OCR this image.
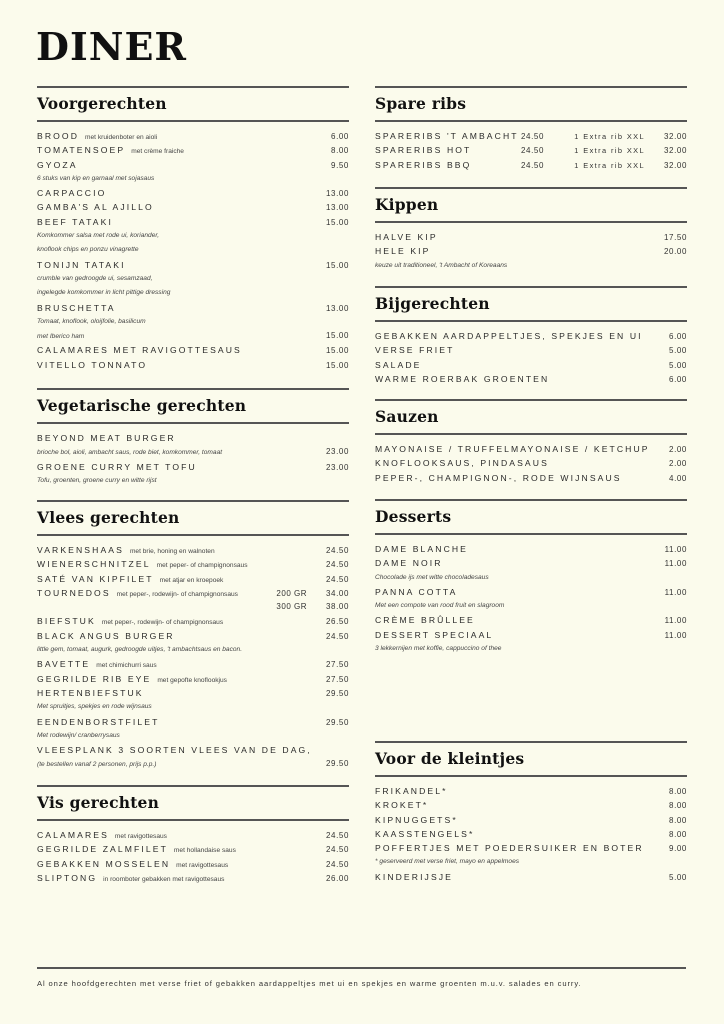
DINER
Voorgerechten
BROOD met kruidenboter en aioli	6.00
TOMATENSOEP met crème fraiche	8.00
GYOZA	9.50
6 stuks van kip en garnaal met sojasaus
CARPACCIO	13.00
GAMBA'S AL AJILLO	13.00
BEEF TATAKI	15.00
Komkommer salsa met rode ui, koriander,
knoflook chips en ponzu vinagrette
TONIJN TATAKI	15.00
crumble van gedroogde ui, sesamzaad,
ingelegde komkommer in licht pittige dressing
BRUSCHETTA	13.00
Tomaat, knoflook, oloijfolie, basilicum
met Iberico ham	15.00
CALAMARES MET RAVIGOTTESAUS	15.00
VITELLO TONNATO	15.00
Vegetarische gerechten
BEYOND MEAT BURGER
brioche bol, aioli, ambacht saus, rode biet, komkommer, tomaat	23.00
GROENE CURRY MET TOFU	23.00
Tofu, groenten, groene curry en witte rijst
Vlees gerechten
VARKENSHAAS met brie, honing en walnoten	24.50
WIENERSCHNITZEL met peper- of champignonsaus	24.50
SATÉ VAN KIPFILET met atjar en kroepoek	24.50
TOURNEDOS met peper-, rodewijn- of champignonsaus	200 GR	34.00
300 GR	38.00
BIEFSTUK met peper-, rodewijn- of champignonsaus	26.50
BLACK ANGUS BURGER	24.50
little gem, tomaat, augurk, gedroogde uitjes, 't ambachtsaus en bacon.
BAVETTE met chimichurri saus	27.50
GEGRILDE RIB EYE met gepofte knoflookjus	27.50
HERTENBIEFSTUK	29.50
Met spruitjes, spekjes en rode wijnsaus
EENDENBORSTFILET	29.50
Met rodewijn/ cranberrysaus
VLEESPLANK 3 SOORTEN VLEES VAN DE DAG,
(te bestellen vanaf 2 personen, prijs p.p.)	29.50
Vis gerechten
CALAMARES met ravigottesaus	24.50
GEGRILDE ZALMFILET met hollandaise saus	24.50
GEBAKKEN MOSSELEN met ravigottesaus	24.50
SLIPTONG in roomboter gebakken met ravigottesaus	26.00
Spare ribs
SPARERIBS 'T AMBACHT 24.50	1 Extra rib XXL	32.00
SPARERIBS HOT	24.50	1 Extra rib XXL	32.00
SPARERIBS BBQ	24.50	1 Extra rib XXL	32.00
Kippen
HALVE KIP	17.50
HELE KIP	20.00
keuze uit traditioneel, 't Ambacht of Koreaans
Bijgerechten
GEBAKKEN AARDAPPELTJES, SPEKJES EN UI	6.00
VERSE FRIET	5.00
SALADE	5.00
WARME ROERBAK GROENTEN	6.00
Sauzen
MAYONAISE / TRUFFELMAYONAISE / KETCHUP	2.00
KNOFLOOKSAUS, PINDASAUS	2.00
PEPER-, CHAMPIGNON-, RODE WIJNSAUS	4.00
Desserts
DAME BLANCHE	11.00
DAME NOIR	11.00
Chocolade ijs met witte chocoladesaus
PANNA COTTA	11.00
Met een compote van rood fruit en slagroom
CRÈME BRÛLLEE	11.00
DESSERT SPECIAAL	11.00
3 lekkernijen met koffie, cappuccino of thee
Voor de kleintjes
FRIKANDEL*	8.00
KROKET*	8.00
KIPNUGGETS*	8.00
KAASSTENGELS*	8.00
POFFERTJES MET POEDERSUIKER EN BOTER	9.00
* geserveerd met verse friet, mayo en appelmoes
KINDERIJSJE	5.00
Al onze hoofdgerechten met verse friet of gebakken aardappeltjes met ui en spekjes en warme groenten m.u.v. salades en curry.
